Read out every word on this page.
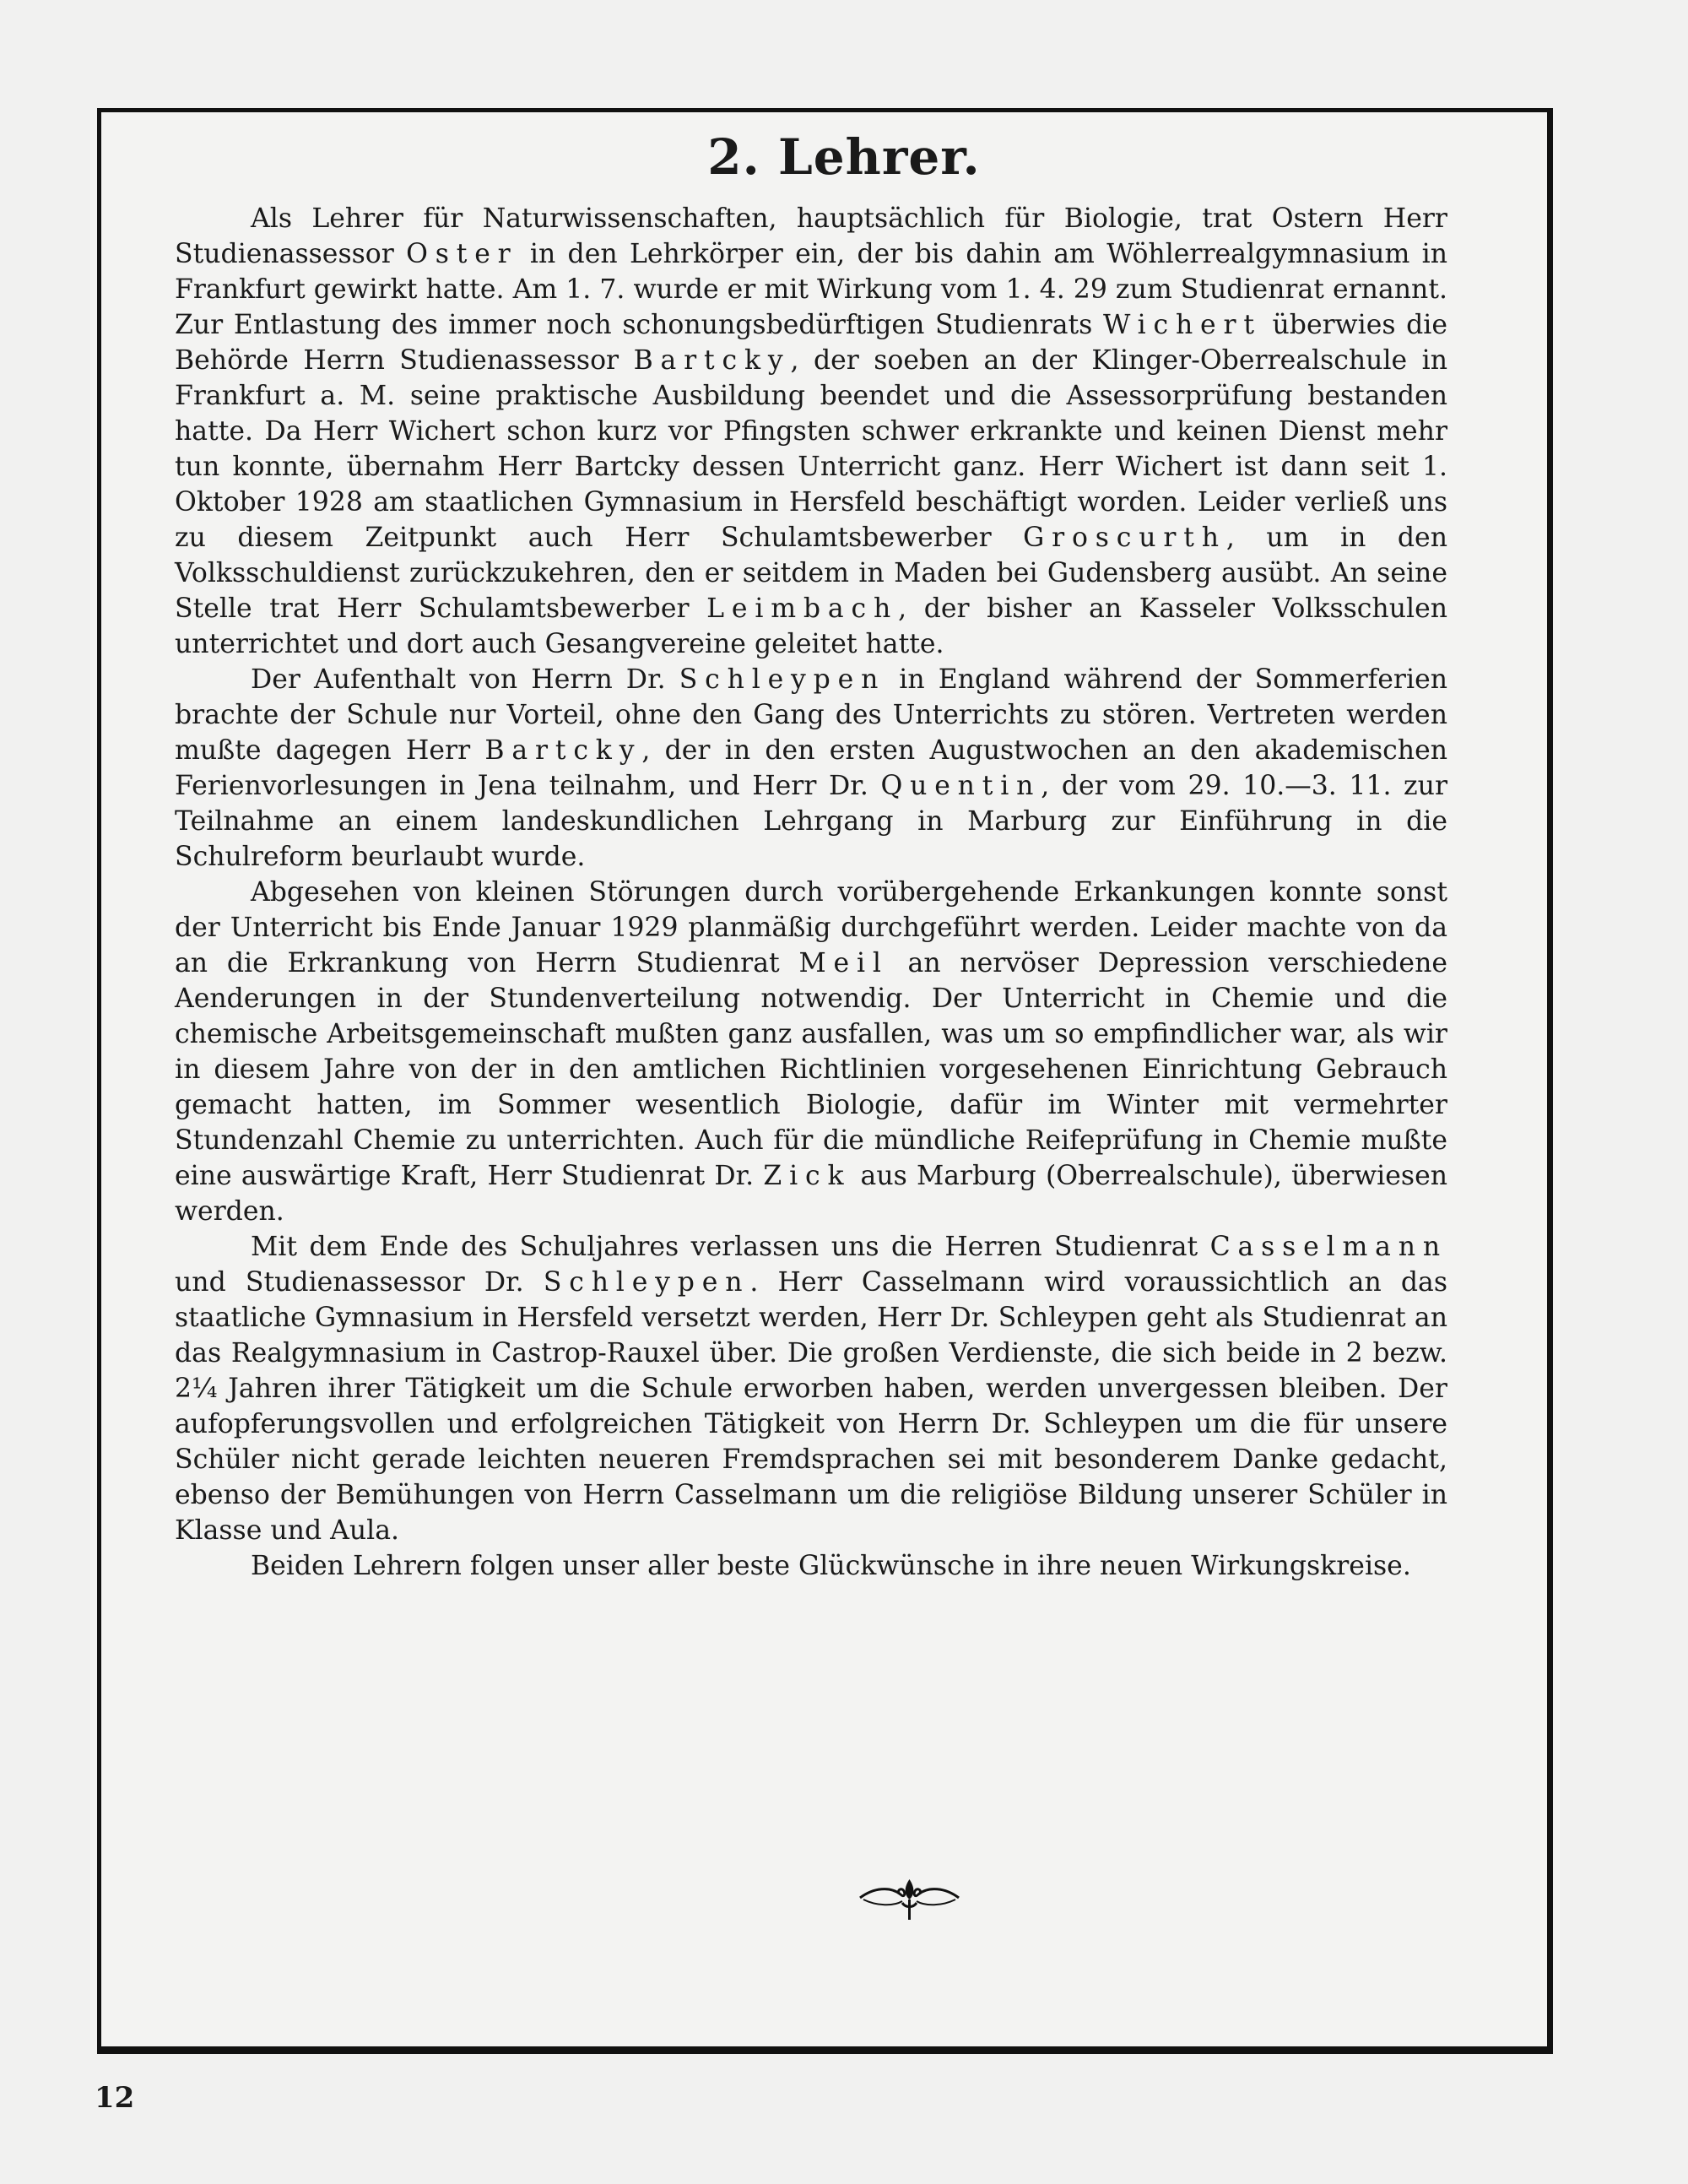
2. Lehrer.

Als Lehrer für Naturwissenschaften, hauptsächlich für Biologie, trat Ostern Herr Studienassessor Oster in den Lehrkörper ein, der bis dahin am Wöhlerrealgymnasium in Frankfurt gewirkt hatte. Am 1. 7. wurde er mit Wirkung vom 1. 4. 29 zum Studienrat ernannt. Zur Entlastung des immer noch schonungsbedürftigen Studienrats Wichert überwies die Behörde Herrn Studienassessor Bartcky, der soeben an der Klinger-Oberrealschule in Frankfurt a. M. seine praktische Ausbildung beendet und die Assessorprüfung bestanden hatte. Da Herr Wichert schon kurz vor Pfingsten schwer erkrankte und keinen Dienst mehr tun konnte, übernahm Herr Bartcky dessen Unterricht ganz. Herr Wichert ist dann seit 1. Oktober 1928 am staatlichen Gymnasium in Hersfeld beschäftigt worden. Leider verließ uns zu diesem Zeitpunkt auch Herr Schulamtsbewerber Groscurth, um in den Volksschuldienst zurückzukehren, den er seitdem in Maden bei Gudensberg ausübt. An seine Stelle trat Herr Schulamtsbewerber Leimbach, der bisher an Kasseler Volksschulen unterrichtet und dort auch Gesangvereine geleitet hatte.

Der Aufenthalt von Herrn Dr. Schleypen in England während der Sommerferien brachte der Schule nur Vorteil, ohne den Gang des Unterrichts zu stören. Vertreten werden mußte dagegen Herr Bartcky, der in den ersten Augustwochen an den akademischen Ferienvorlesungen in Jena teilnahm, und Herr Dr. Quentin, der vom 29. 10.—3. 11. zur Teilnahme an einem landeskundlichen Lehrgang in Marburg zur Einführung in die Schulreform beurlaubt wurde.

Abgesehen von kleinen Störungen durch vorübergehende Erkankungen konnte sonst der Unterricht bis Ende Januar 1929 planmäßig durchgeführt werden. Leider machte von da an die Erkrankung von Herrn Studienrat Meil an nervöser Depression verschiedene Aenderungen in der Stundenverteilung notwendig. Der Unterricht in Chemie und die chemische Arbeitsgemeinschaft mußten ganz ausfallen, was um so empfindlicher war, als wir in diesem Jahre von der in den amtlichen Richtlinien vorgesehenen Einrichtung Gebrauch gemacht hatten, im Sommer wesentlich Biologie, dafür im Winter mit vermehrter Stundenzahl Chemie zu unterrichten. Auch für die mündliche Reifeprüfung in Chemie mußte eine auswärtige Kraft, Herr Studienrat Dr. Zick aus Marburg (Oberrealschule), überwiesen werden.

Mit dem Ende des Schuljahres verlassen uns die Herren Studienrat Casselmann und Studienassessor Dr. Schleypen. Herr Casselmann wird voraussichtlich an das staatliche Gymnasium in Hersfeld versetzt werden, Herr Dr. Schleypen geht als Studienrat an das Realgymnasium in Castrop-Rauxel über. Die großen Verdienste, die sich beide in 2 bezw. 2¼ Jahren ihrer Tätigkeit um die Schule erworben haben, werden unvergessen bleiben. Der aufopferungsvollen und erfolgreichen Tätigkeit von Herrn Dr. Schleypen um die für unsere Schüler nicht gerade leichten neueren Fremdsprachen sei mit besonderem Danke gedacht, ebenso der Bemühungen von Herrn Casselmann um die religiöse Bildung unserer Schüler in Klasse und Aula.

Beiden Lehrern folgen unser aller beste Glückwünsche in ihre neuen Wirkungskreise.

12
